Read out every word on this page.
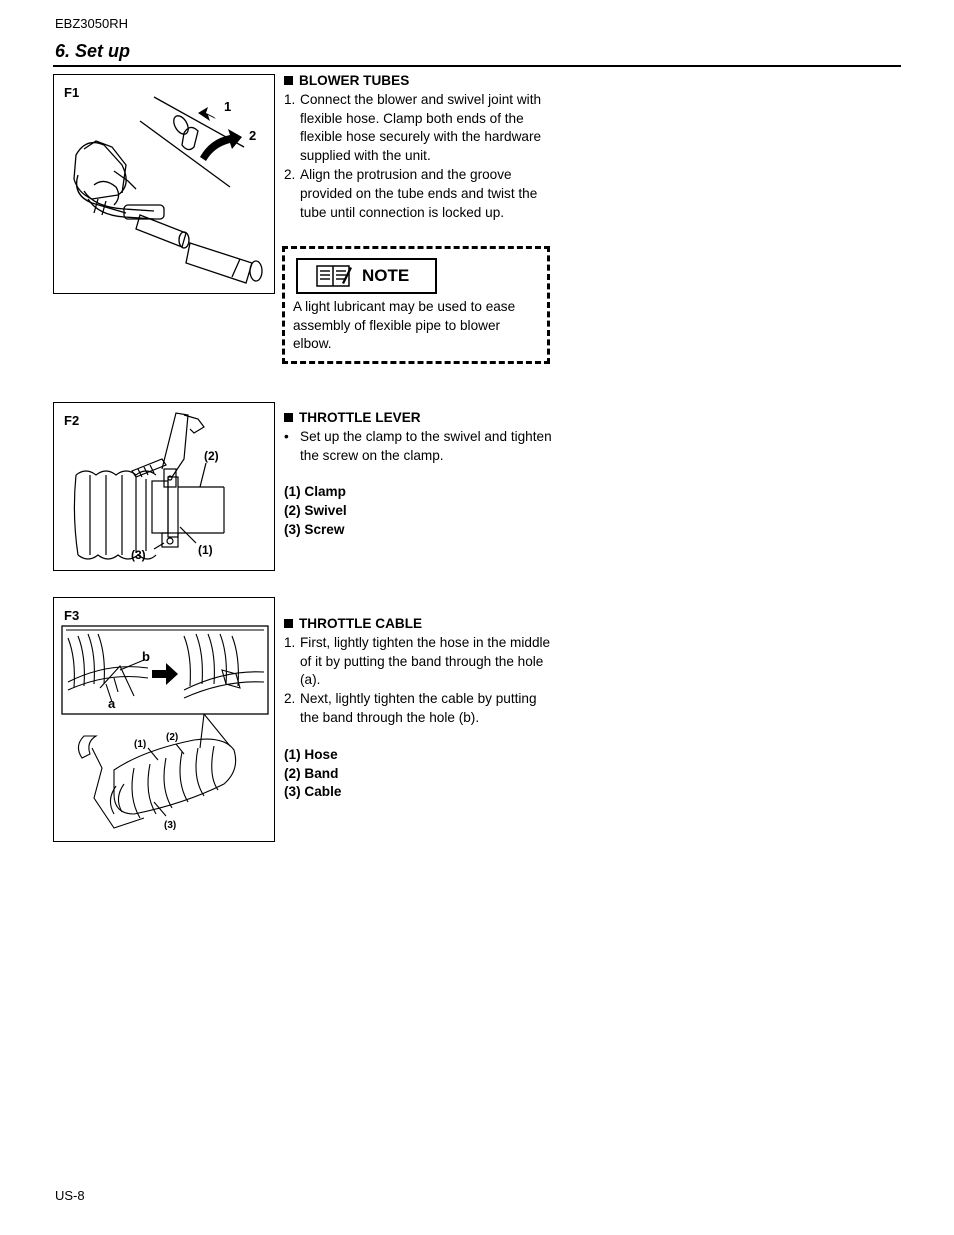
EBZ3050RH
6. Set up
1
2
F1
BLOWER TUBES
1. Connect the blower and swivel joint with flexible hose. Clamp both ends of the flexible hose securely with the hardware supplied with the unit.
2. Align the protrusion and the groove provided on the tube ends and twist the tube until connection is locked up.
NOTE
A light lubricant may be used to ease assembly of flexible pipe to blower elbow.
(2)
(3)	(1)
F2	THROTTLE LEVER
• Set up the clamp to the swivel and tighten the screw on the clamp.
(1) Clamp
(2) Swivel
(3) Screw
b
a
(1)
(2)
(3)
F3
THROTTLE CABLE
1. First, lightly tighten the hose in the middle of it by putting the band through the hole (a).
2. Next, lightly tighten the cable by putting the band through the hole (b).
(1) Hose
(2) Band
(3) Cable
US-8
